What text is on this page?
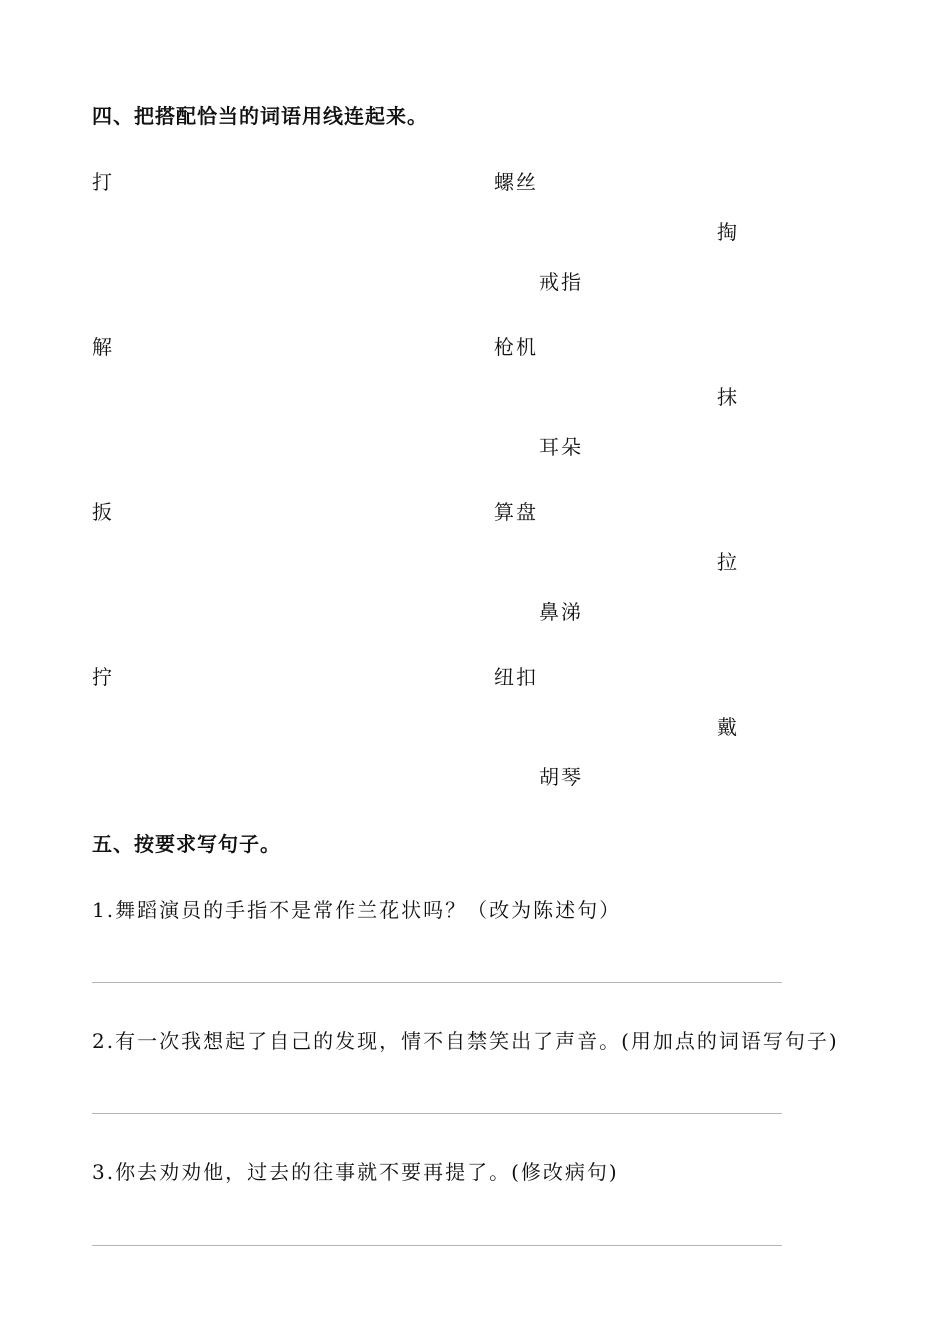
四、把搭配恰当的词语用线连起来。
打
解
扳
拧
螺丝
枪机
算盘
纽扣
掏
抹
拉
戴
戒指
耳朵
鼻涕
胡琴
五、按要求写句子。
1.舞蹈演员的手指不是常作兰花状吗？（改为陈述句）
2.有一次我想起了自己的发现，情不自禁笑出了声音。(用加点的词语写句子)
3.你去劝劝他，过去的往事就不要再提了。(修改病句)
